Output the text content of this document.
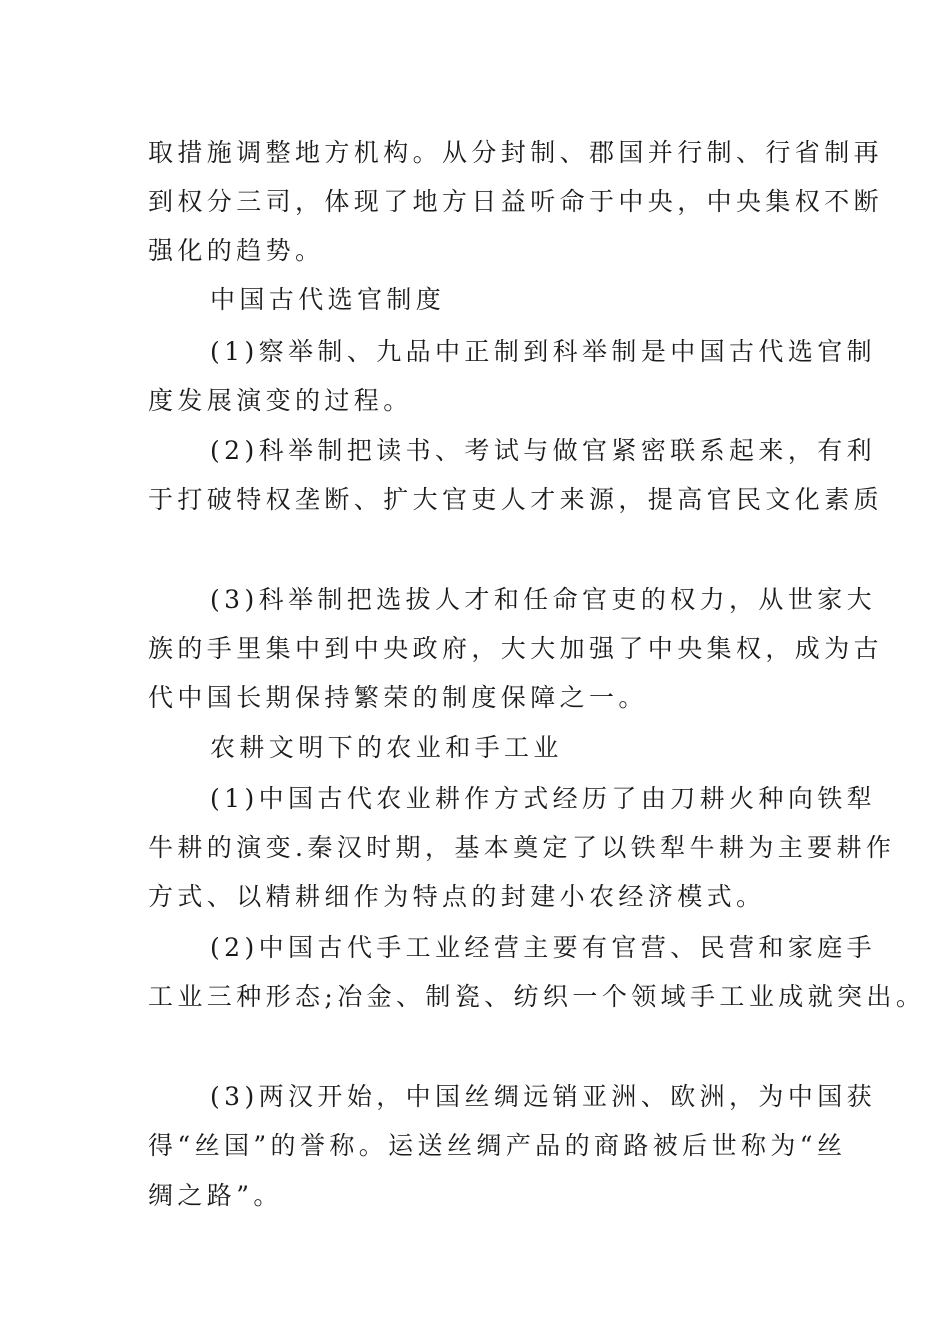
取措施调整地方机构。从分封制、郡国并行制、行省制再
到权分三司，体现了地方日益听命于中央，中央集权不断
强化的趋势。
中国古代选官制度
(1)察举制、九品中正制到科举制是中国古代选官制
度发展演变的过程。
(2)科举制把读书、考试与做官紧密联系起来，有利
于打破特权垄断、扩大官吏人才来源，提高官民文化素质
(3)科举制把选拔人才和任命官吏的权力，从世家大
族的手里集中到中央政府，大大加强了中央集权，成为古
代中国长期保持繁荣的制度保障之一。
农耕文明下的农业和手工业
(1)中国古代农业耕作方式经历了由刀耕火种向铁犁
牛耕的演变.秦汉时期，基本奠定了以铁犁牛耕为主要耕作
方式、以精耕细作为特点的封建小农经济模式。
(2)中国古代手工业经营主要有官营、民营和家庭手
工业三种形态;冶金、制瓷、纺织一个领域手工业成就突出。
(3)两汉开始，中国丝绸远销亚洲、欧洲，为中国获
得“丝国”的誉称。运送丝绸产品的商路被后世称为“丝
绸之路”。
